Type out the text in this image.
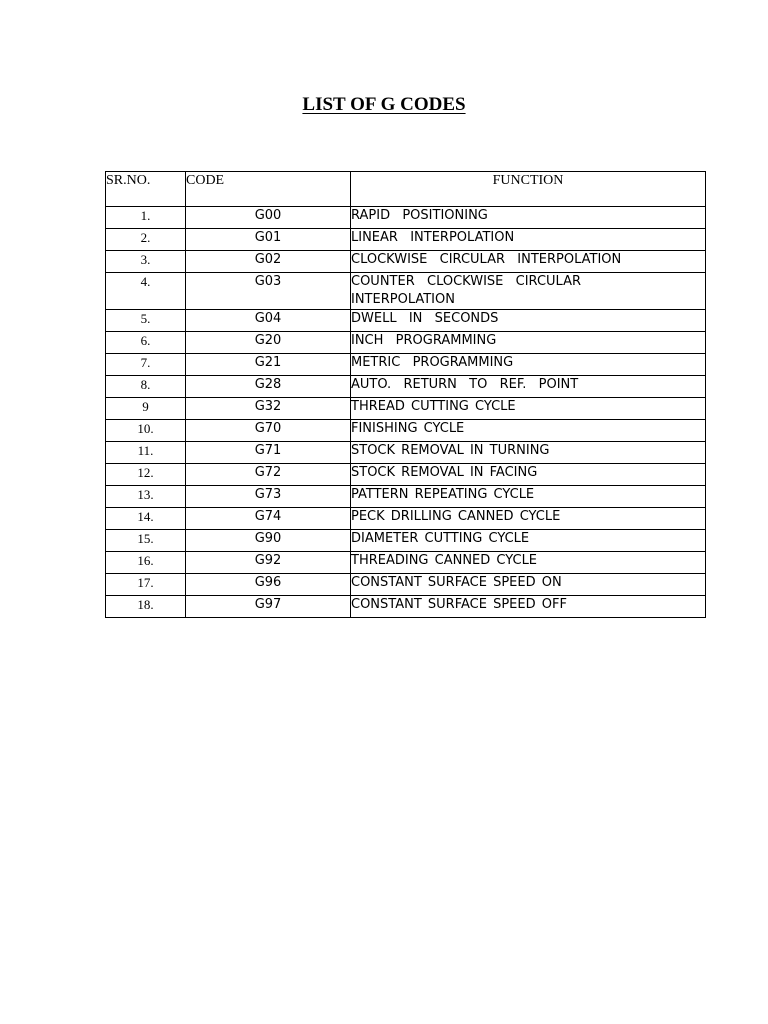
LIST OF G CODES
SR.NO.	CODE	FUNCTION
1.	G00	RAPID  POSITIONING
2.	G01	LINEAR  INTERPOLATION
3.	G02	CLOCKWISE  CIRCULAR  INTERPOLATION
4.	G03	COUNTER  CLOCKWISE  CIRCULAR
INTERPOLATION
5.	G04	DWELL  IN  SECONDS
6.	G20	INCH  PROGRAMMING
7.	G21	METRIC  PROGRAMMING
8.	G28	AUTO.  RETURN  TO  REF.  POINT
9	G32	THREAD CUTTING CYCLE
10.	G70	FINISHING CYCLE
11.	G71	STOCK REMOVAL IN TURNING
12.	G72	STOCK REMOVAL IN FACING
13.	G73	PATTERN REPEATING CYCLE
14.	G74	PECK DRILLING CANNED CYCLE
15.	G90	DIAMETER CUTTING CYCLE
16.	G92	THREADING CANNED CYCLE
17.	G96	CONSTANT SURFACE SPEED ON
18.	G97	CONSTANT SURFACE SPEED OFF
